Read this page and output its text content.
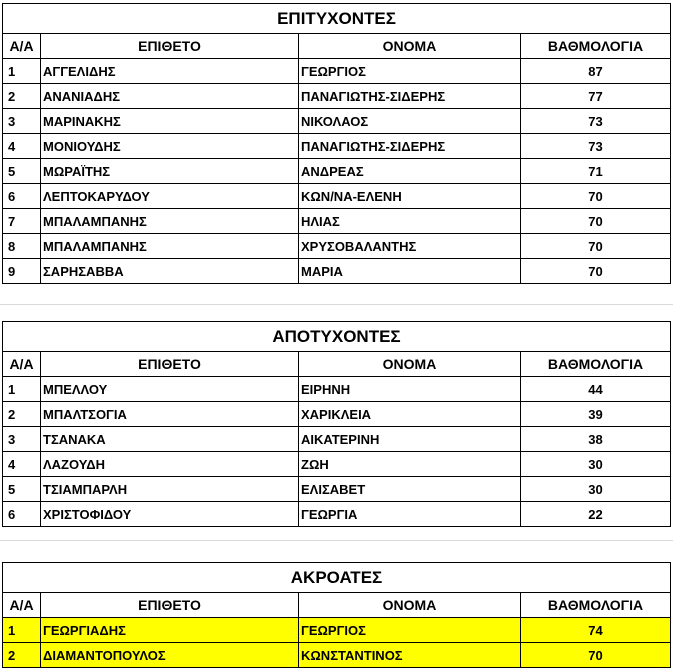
ΕΠΙΤΥΧΟΝΤΕΣ			
Α/Α	ΕΠΙΘΕΤΟ	ΟΝΟΜΑ	ΒΑΘΜΟΛΟΓΙΑ
1	ΑΓΓΕΛΙΔΗΣ	ΓΕΩΡΓΙΟΣ	87
2	ΑΝΑΝΙΑΔΗΣ	ΠΑΝΑΓΙΩΤΗΣ-ΣΙΔΕΡΗΣ	77
3	ΜΑΡΙΝΑΚΗΣ	ΝΙΚΟΛΑΟΣ	73
4	ΜΟΝΙΟΥΔΗΣ	ΠΑΝΑΓΙΩΤΗΣ-ΣΙΔΕΡΗΣ	73
5	ΜΩΡΑΪΤΗΣ	ΑΝΔΡΕΑΣ	71
6	ΛΕΠΤΟΚΑΡΥΔΟΥ	ΚΩΝ/ΝΑ-ΕΛΕΝΗ	70
7	ΜΠΑΛΑΜΠΑΝΗΣ	ΗΛΙΑΣ	70
8	ΜΠΑΛΑΜΠΑΝΗΣ	ΧΡΥΣΟΒΑΛΑΝΤΗΣ	70
9	ΣΑΡΗΣΑΒΒΑ	ΜΑΡΙΑ	70
ΑΠΟΤΥΧΟΝΤΕΣ			
Α/Α	ΕΠΙΘΕΤΟ	ΟΝΟΜΑ	ΒΑΘΜΟΛΟΓΙΑ
1	ΜΠΕΛΛΟΥ	ΕΙΡΗΝΗ	44
2	ΜΠΑΛΤΣΟΓΙΑ	ΧΑΡΙΚΛΕΙΑ	39
3	ΤΣΑΝΑΚΑ	ΑΙΚΑΤΕΡΙΝΗ	38
4	ΛΑΖΟΥΔΗ	ΖΩΗ	30
5	ΤΣΙΑΜΠΑΡΛΗ	ΕΛΙΣΑΒΕΤ	30
6	ΧΡΙΣΤΟΦΙΔΟΥ	ΓΕΩΡΓΙΑ	22
ΑΚΡΟΑΤΕΣ			
Α/Α	ΕΠΙΘΕΤΟ	ΟΝΟΜΑ	ΒΑΘΜΟΛΟΓΙΑ
1	ΓΕΩΡΓΙΑΔΗΣ	ΓΕΩΡΓΙΟΣ	74
2	ΔΙΑΜΑΝΤΟΠΟΥΛΟΣ	ΚΩΝΣΤΑΝΤΙΝΟΣ	70
